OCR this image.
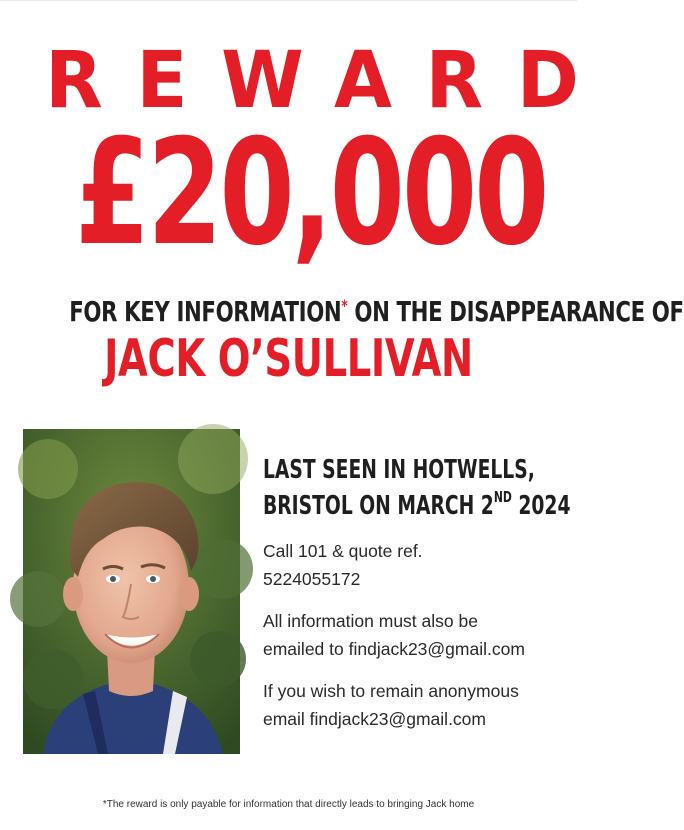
REWARD
£20,000
FOR KEY INFORMATION* ON THE DISAPPEARANCE OF
JACK O’SULLIVAN
LAST SEEN IN HOTWELLS,
BRISTOL ON MARCH 2ND 2024
Call 101 & quote ref.
5224055172
All information must also be
emailed to findjack23@gmail.com
If you wish to remain anonymous
email findjack23@gmail.com
*The reward is only payable for information that directly leads to bringing Jack home
